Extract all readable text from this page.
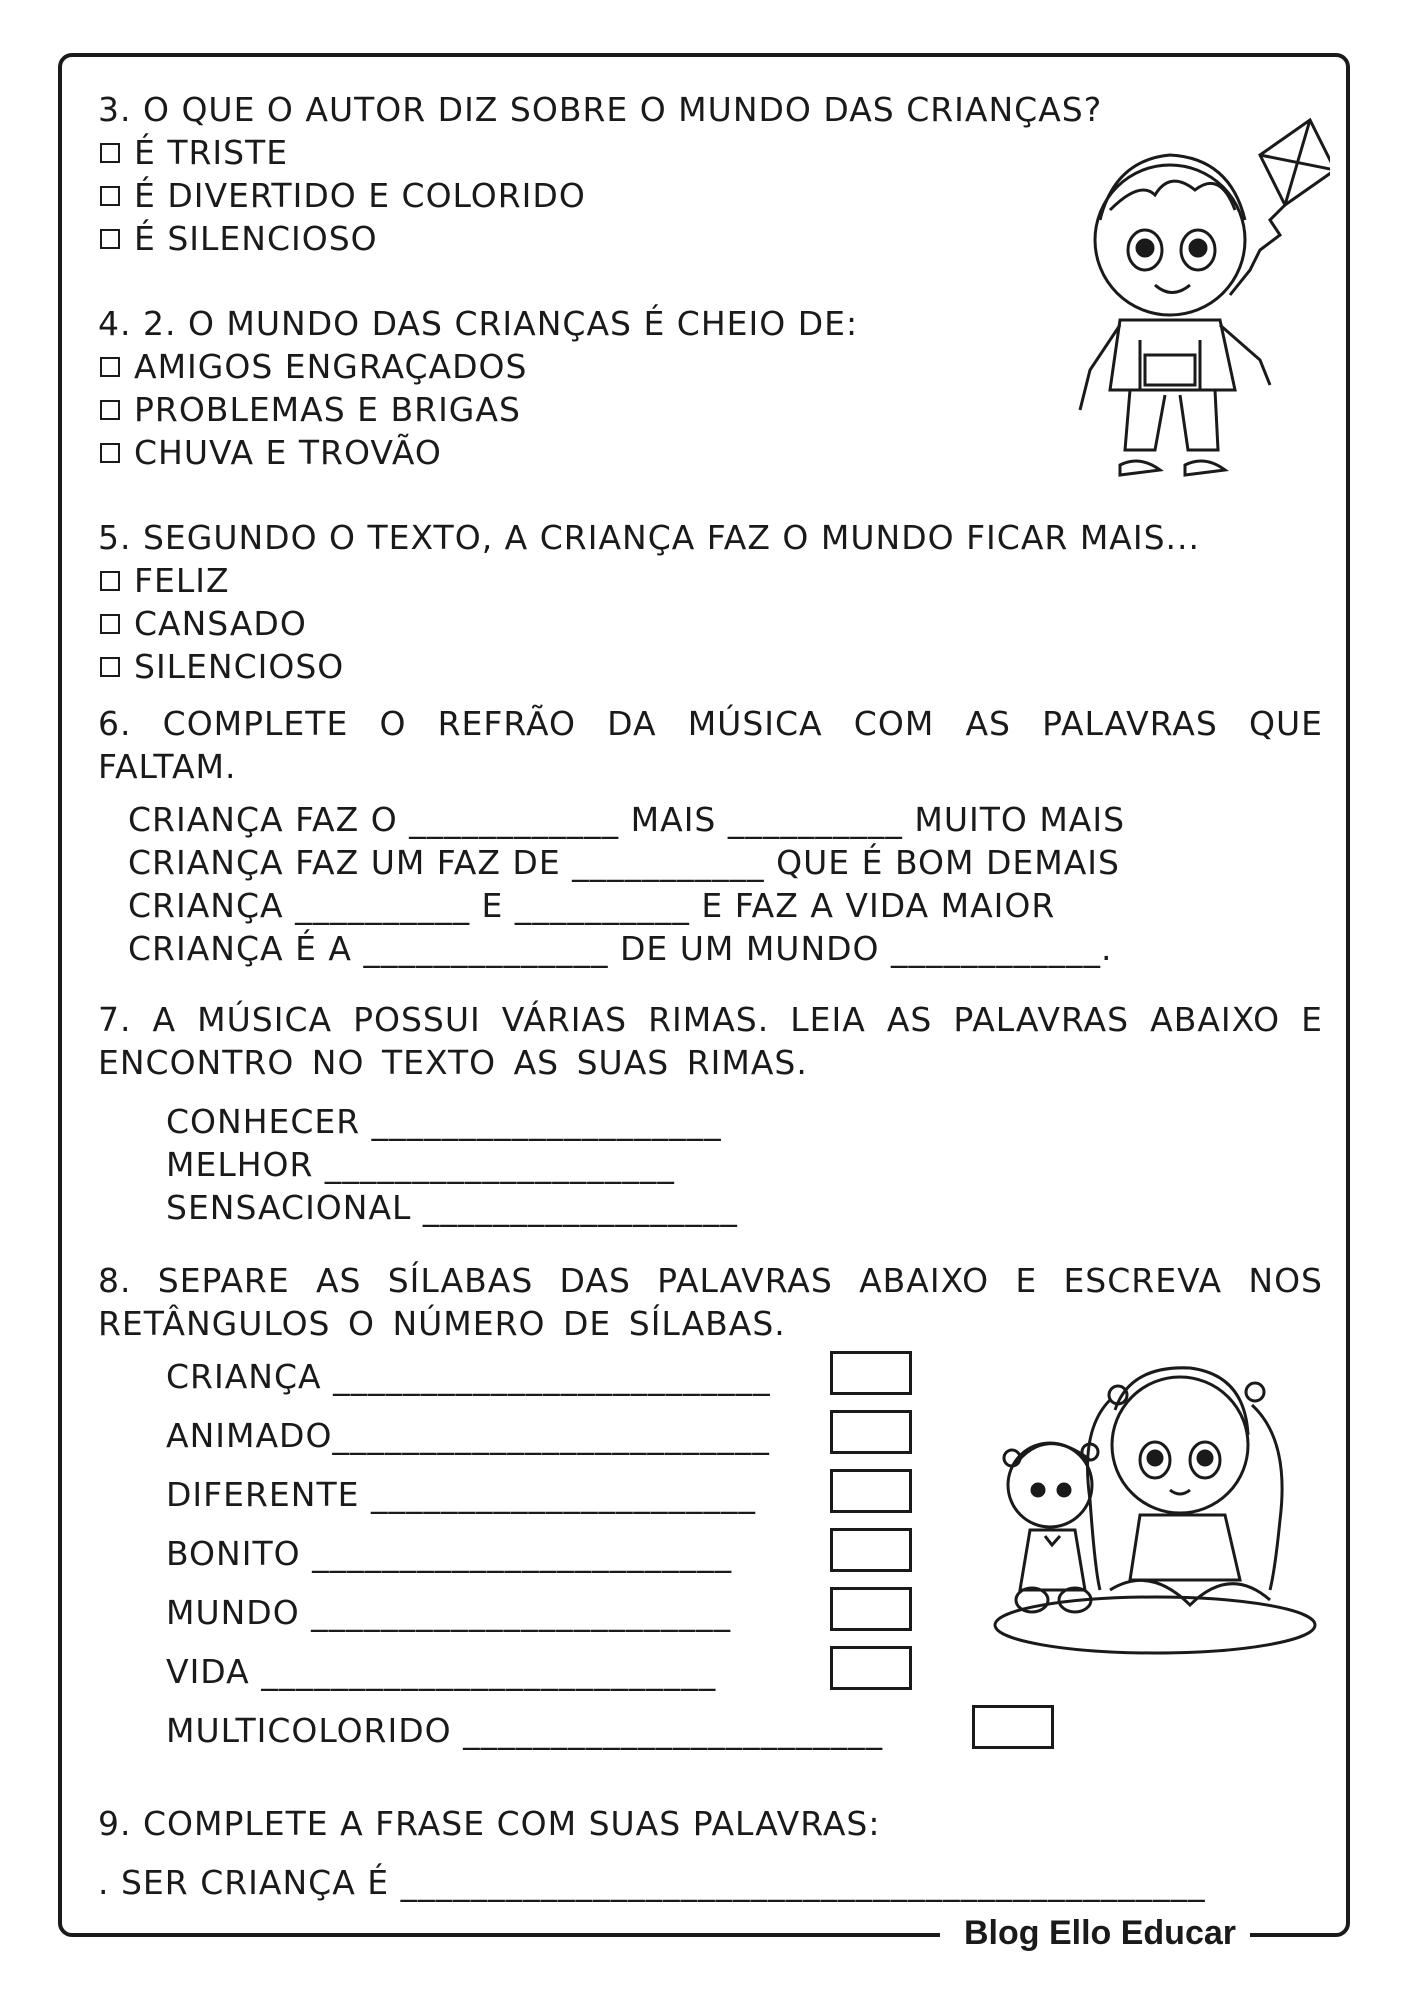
Blog Ello Educar

3. O QUE O AUTOR DIZ SOBRE O MUNDO DAS CRIANÇAS?

É TRISTE
É DIVERTIDO E COLORIDO
É SILENCIOSO

4. 2. O MUNDO DAS CRIANÇAS É CHEIO DE:

AMIGOS ENGRAÇADOS
PROBLEMAS E BRIGAS
CHUVA E TROVÃO

5. SEGUNDO O TEXTO, A CRIANÇA FAZ O MUNDO FICAR MAIS...

FELIZ
CANSADO
SILENCIOSO

6. COMPLETE O REFRÃO DA MÚSICA COM AS PALAVRAS QUE FALTAM.

CRIANÇA FAZ O ____________ MAIS __________ MUITO MAIS
CRIANÇA FAZ UM FAZ DE ___________ QUE É BOM DEMAIS
CRIANÇA __________ E __________ E FAZ A VIDA MAIOR
CRIANÇA É A ______________ DE UM MUNDO ____________.

7. A MÚSICA POSSUI VÁRIAS RIMAS. LEIA AS PALAVRAS ABAIXO E ENCONTRO NO TEXTO AS SUAS RIMAS.

CONHECER ____________________
MELHOR ____________________
SENSACIONAL __________________

8. SEPARE AS SÍLABAS DAS PALAVRAS ABAIXO E ESCREVA NOS RETÂNGULOS O NÚMERO DE SÍLABAS.

CRIANÇA _________________________
ANIMADO_________________________
DIFERENTE ______________________
BONITO ________________________
MUNDO ________________________
VIDA __________________________
MULTICOLORIDO ________________________

9. COMPLETE A FRASE COM SUAS PALAVRAS:

. SER CRIANÇA É ______________________________________________
